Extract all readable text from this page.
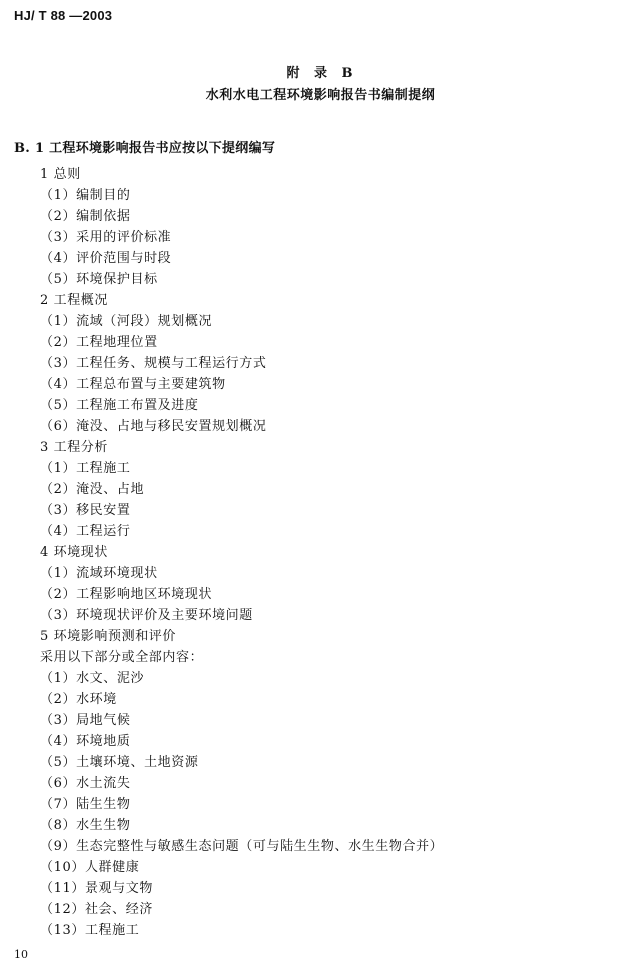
HJ/ T 88 —2003
附 录 B
水利水电工程环境影响报告书编制提纲
B. 1 工程环境影响报告书应按以下提纲编写
1 总则
（1）编制目的
（2）编制依据
（3）采用的评价标准
（4）评价范围与时段
（5）环境保护目标
2 工程概况
（1）流域（河段）规划概况
（2）工程地理位置
（3）工程任务、规模与工程运行方式
（4）工程总布置与主要建筑物
（5）工程施工布置及进度
（6）淹没、占地与移民安置规划概况
3 工程分析
（1）工程施工
（2）淹没、占地
（3）移民安置
（4）工程运行
4 环境现状
（1）流域环境现状
（2）工程影响地区环境现状
（3）环境现状评价及主要环境问题
5 环境影响预测和评价
采用以下部分或全部内容：
（1）水文、泥沙
（2）水环境
（3）局地气候
（4）环境地质
（5）土壤环境、土地资源
（6）水土流失
（7）陆生生物
（8）水生生物
（9）生态完整性与敏感生态问题（可与陆生生物、水生生物合并）
（10）人群健康
（11）景观与文物
（12）社会、经济
（13）工程施工
10
